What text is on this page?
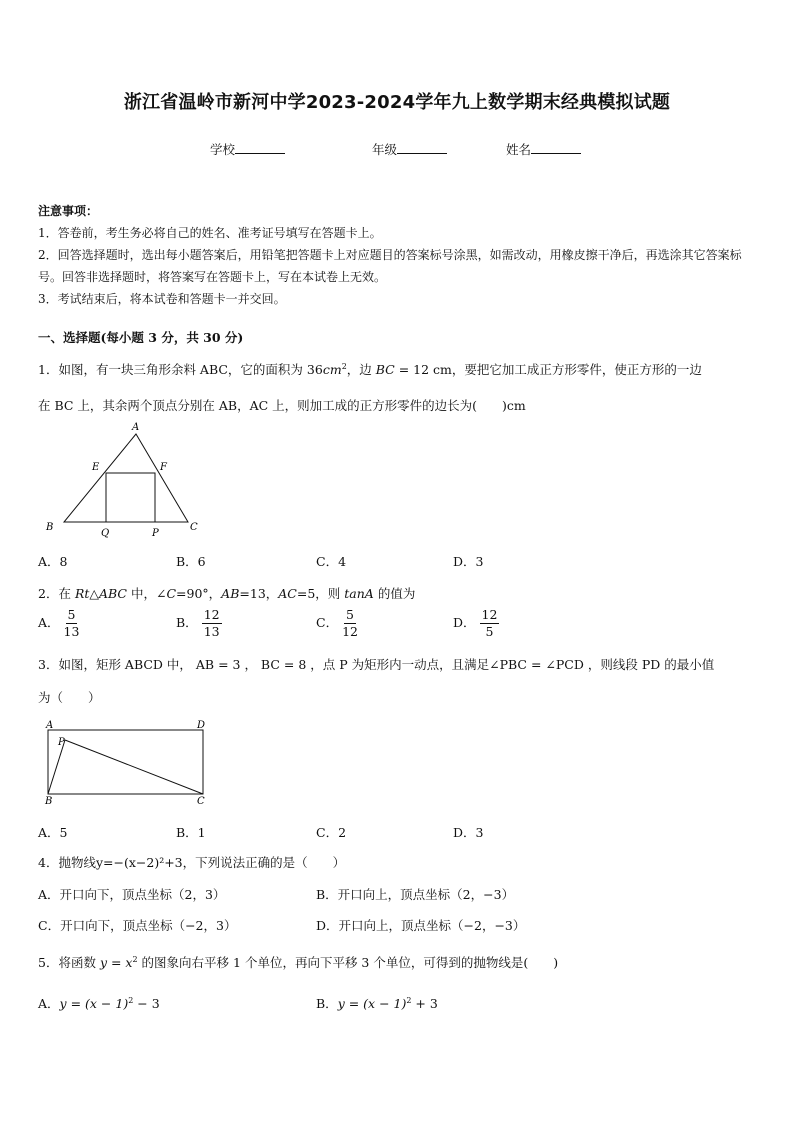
浙江省温岭市新河中学2023-2024学年九上数学期末经典模拟试题
学校	年级	姓名

注意事项：

1．答卷前，考生务必将自己的姓名、准考证号填写在答题卡上。

2．回答选择题时，选出每小题答案后，用铅笔把答题卡上对应题目的答案标号涂黑，如需改动，用橡皮擦干净后，再选涂其它答案标号。回答非选择题时，将答案写在答题卡上，写在本试卷上无效。

3．考试结束后，将本试卷和答题卡一并交回。

一、选择题(每小题 3 分，共 30 分)
1．如图，有一块三角形余料 ABC，它的面积为 $36cm^2$，边 BC = 12 cm，要把它加工成正方形零件，使正方形的一边
在 BC 上，其余两个顶点分别在 AB，AC 上，则加工成的正方形零件的边长为(　　)cm
A
E	F
B
Q	P
C
A．8	B．6	C．4	D．3
2．在 Rt△ABC 中，∠C=90°，AB=13，AC=5，则 tanA 的值为
A． $\frac{5}{13}$	B． $\frac{12}{13}$	C． $\frac{5}{12}$	D． $\frac{12}{5}$
3．如图，矩形 ABCD 中， AB = 3 ， BC = 8 ，点 P 为矩形内一动点，且满足∠PBC = ∠PCD ，则线段 PD 的最小值
为（　　）
A	D
P
B	C
A．5	B．1	C．2	D．3
4．抛物线y=−(x−2)²+3，下列说法正确的是（　　）
A．开口向下，顶点坐标（2，3）	B．开口向上，顶点坐标（2，−3）
C．开口向下，顶点坐标（−2，3）	D．开口向上，顶点坐标（−2，−3）
5．将函数 $y = x^2$ 的图象向右平移 1 个单位，再向下平移 3 个单位，可得到的抛物线是(　　)
A．$y = (x - 1)^2 - 3$	B．$y = (x - 1)^2 + 3$
